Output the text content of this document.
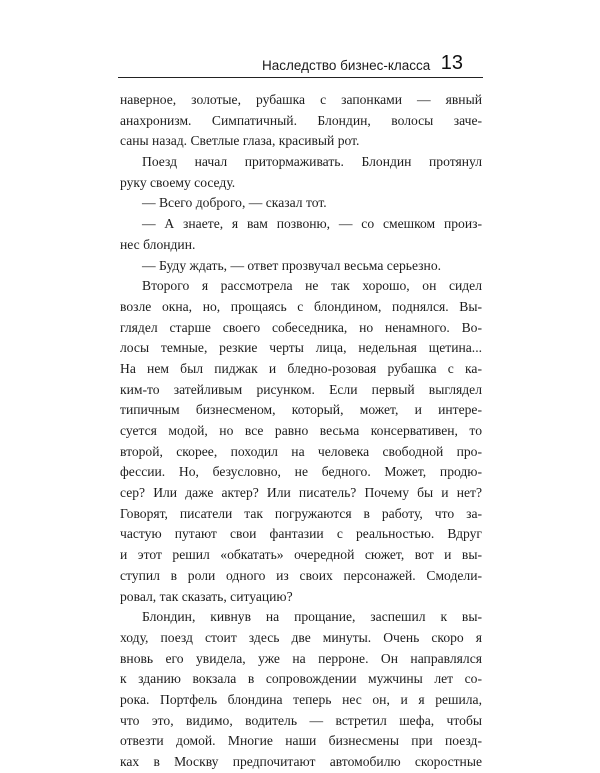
Наследство бизнес-класса 13
наверное, золотые, рубашка с запонками — явный
анахронизм. Симпатичный. Блондин, волосы заче-
саны назад. Светлые глаза, красивый рот.
Поезд начал притормаживать. Блондин протянул
руку своему соседу.
— Всего доброго, — сказал тот.
— А знаете, я вам позвоню, — со смешком произ-
нес блондин.
— Буду ждать, — ответ прозвучал весьма серьезно.
Второго я рассмотрела не так хорошо, он сидел
возле окна, но, прощаясь с блондином, поднялся. Вы-
глядел старше своего собеседника, но ненамного. Во-
лосы темные, резкие черты лица, недельная щетина...
На нем был пиджак и бледно-розовая рубашка с ка-
ким-то затейливым рисунком. Если первый выглядел
типичным бизнесменом, который, может, и интере-
суется модой, но все равно весьма консервативен, то
второй, скорее, походил на человека свободной про-
фессии. Но, безусловно, не бедного. Может, продю-
сер? Или даже актер? Или писатель? Почему бы и нет?
Говорят, писатели так погружаются в работу, что за-
частую путают свои фантазии с реальностью. Вдруг
и этот решил «обкатать» очередной сюжет, вот и вы-
ступил в роли одного из своих персонажей. Смодели-
ровал, так сказать, ситуацию?
Блондин, кивнув на прощание, заспешил к вы-
ходу, поезд стоит здесь две минуты. Очень скоро я
вновь его увидела, уже на перроне. Он направлялся
к зданию вокзала в сопровождении мужчины лет со-
рока. Портфель блондина теперь нес он, и я решила,
что это, видимо, водитель — встретил шефа, чтобы
отвезти домой. Многие наши бизнесмены при поезд-
ках в Москву предпочитают автомобилю скоростные
